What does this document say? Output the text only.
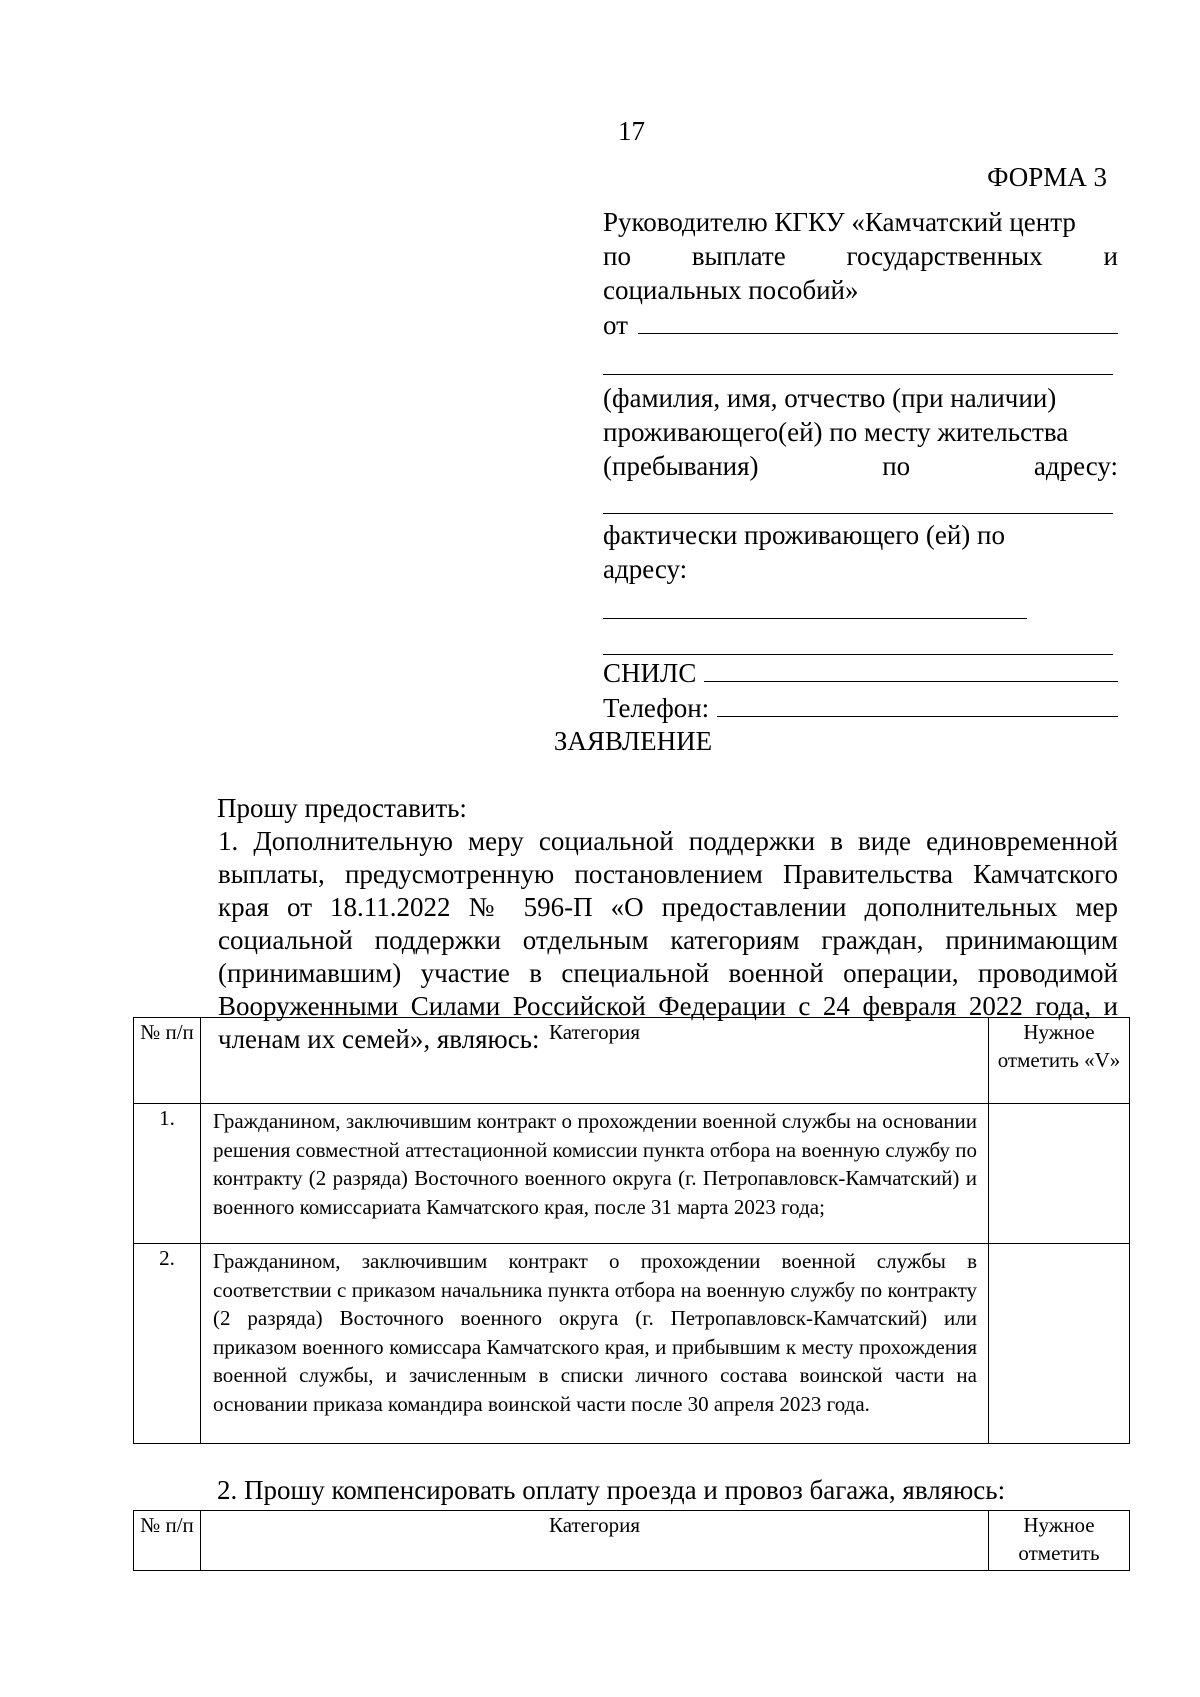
17
ФОРМА 3
Руководителю КГКУ «Камчатский центр
по выплате государственных и
социальных пособий»
от
(фамилия, имя, отчество (при наличии)
проживающего(ей) по месту жительства
(пребывания) по адресу:
фактически проживающего (ей) по
адресу:
СНИЛС
Телефон:
ЗАЯВЛЕНИЕ
Прошу предоставить:
1. Дополнительную меру социальной поддержки в виде единовременной выплаты, предусмотренную постановлением Правительства Камчатского края от 18.11.2022 № 596-П «О предоставлении дополнительных мер социальной поддержки отдельным категориям граждан, принимающим (принимавшим) участие в специальной военной операции, проводимой Вооруженными Силами Российской Федерации с 24 февраля 2022 года, и членам их семей», являюсь:
№ п/п	Категория	Нужное отметить «V»
1.	Гражданином, заключившим контракт о прохождении военной службы на основании решения совместной аттестационной комиссии пункта отбора на военную службу по контракту (2 разряда) Восточного военного округа (г. Петропавловск-Камчатский) и военного комиссариата Камчатского края, после 31 марта 2023 года;	

2.	Гражданином, заключившим контракт о прохождении военной службы в соответствии с приказом начальника пункта отбора на военную службу по контракту (2 разряда) Восточного военного округа (г. Петропавловск-Камчатский) или приказом военного комиссара Камчатского края, и прибывшим к месту прохождения военной службы, и зачисленным в списки личного состава воинской части на основании приказа командира воинской части после 30 апреля 2023 года.	

2. Прошу компенсировать оплату проезда и провоз багажа, являюсь:
№ п/п	Категория	Нужное отметить
